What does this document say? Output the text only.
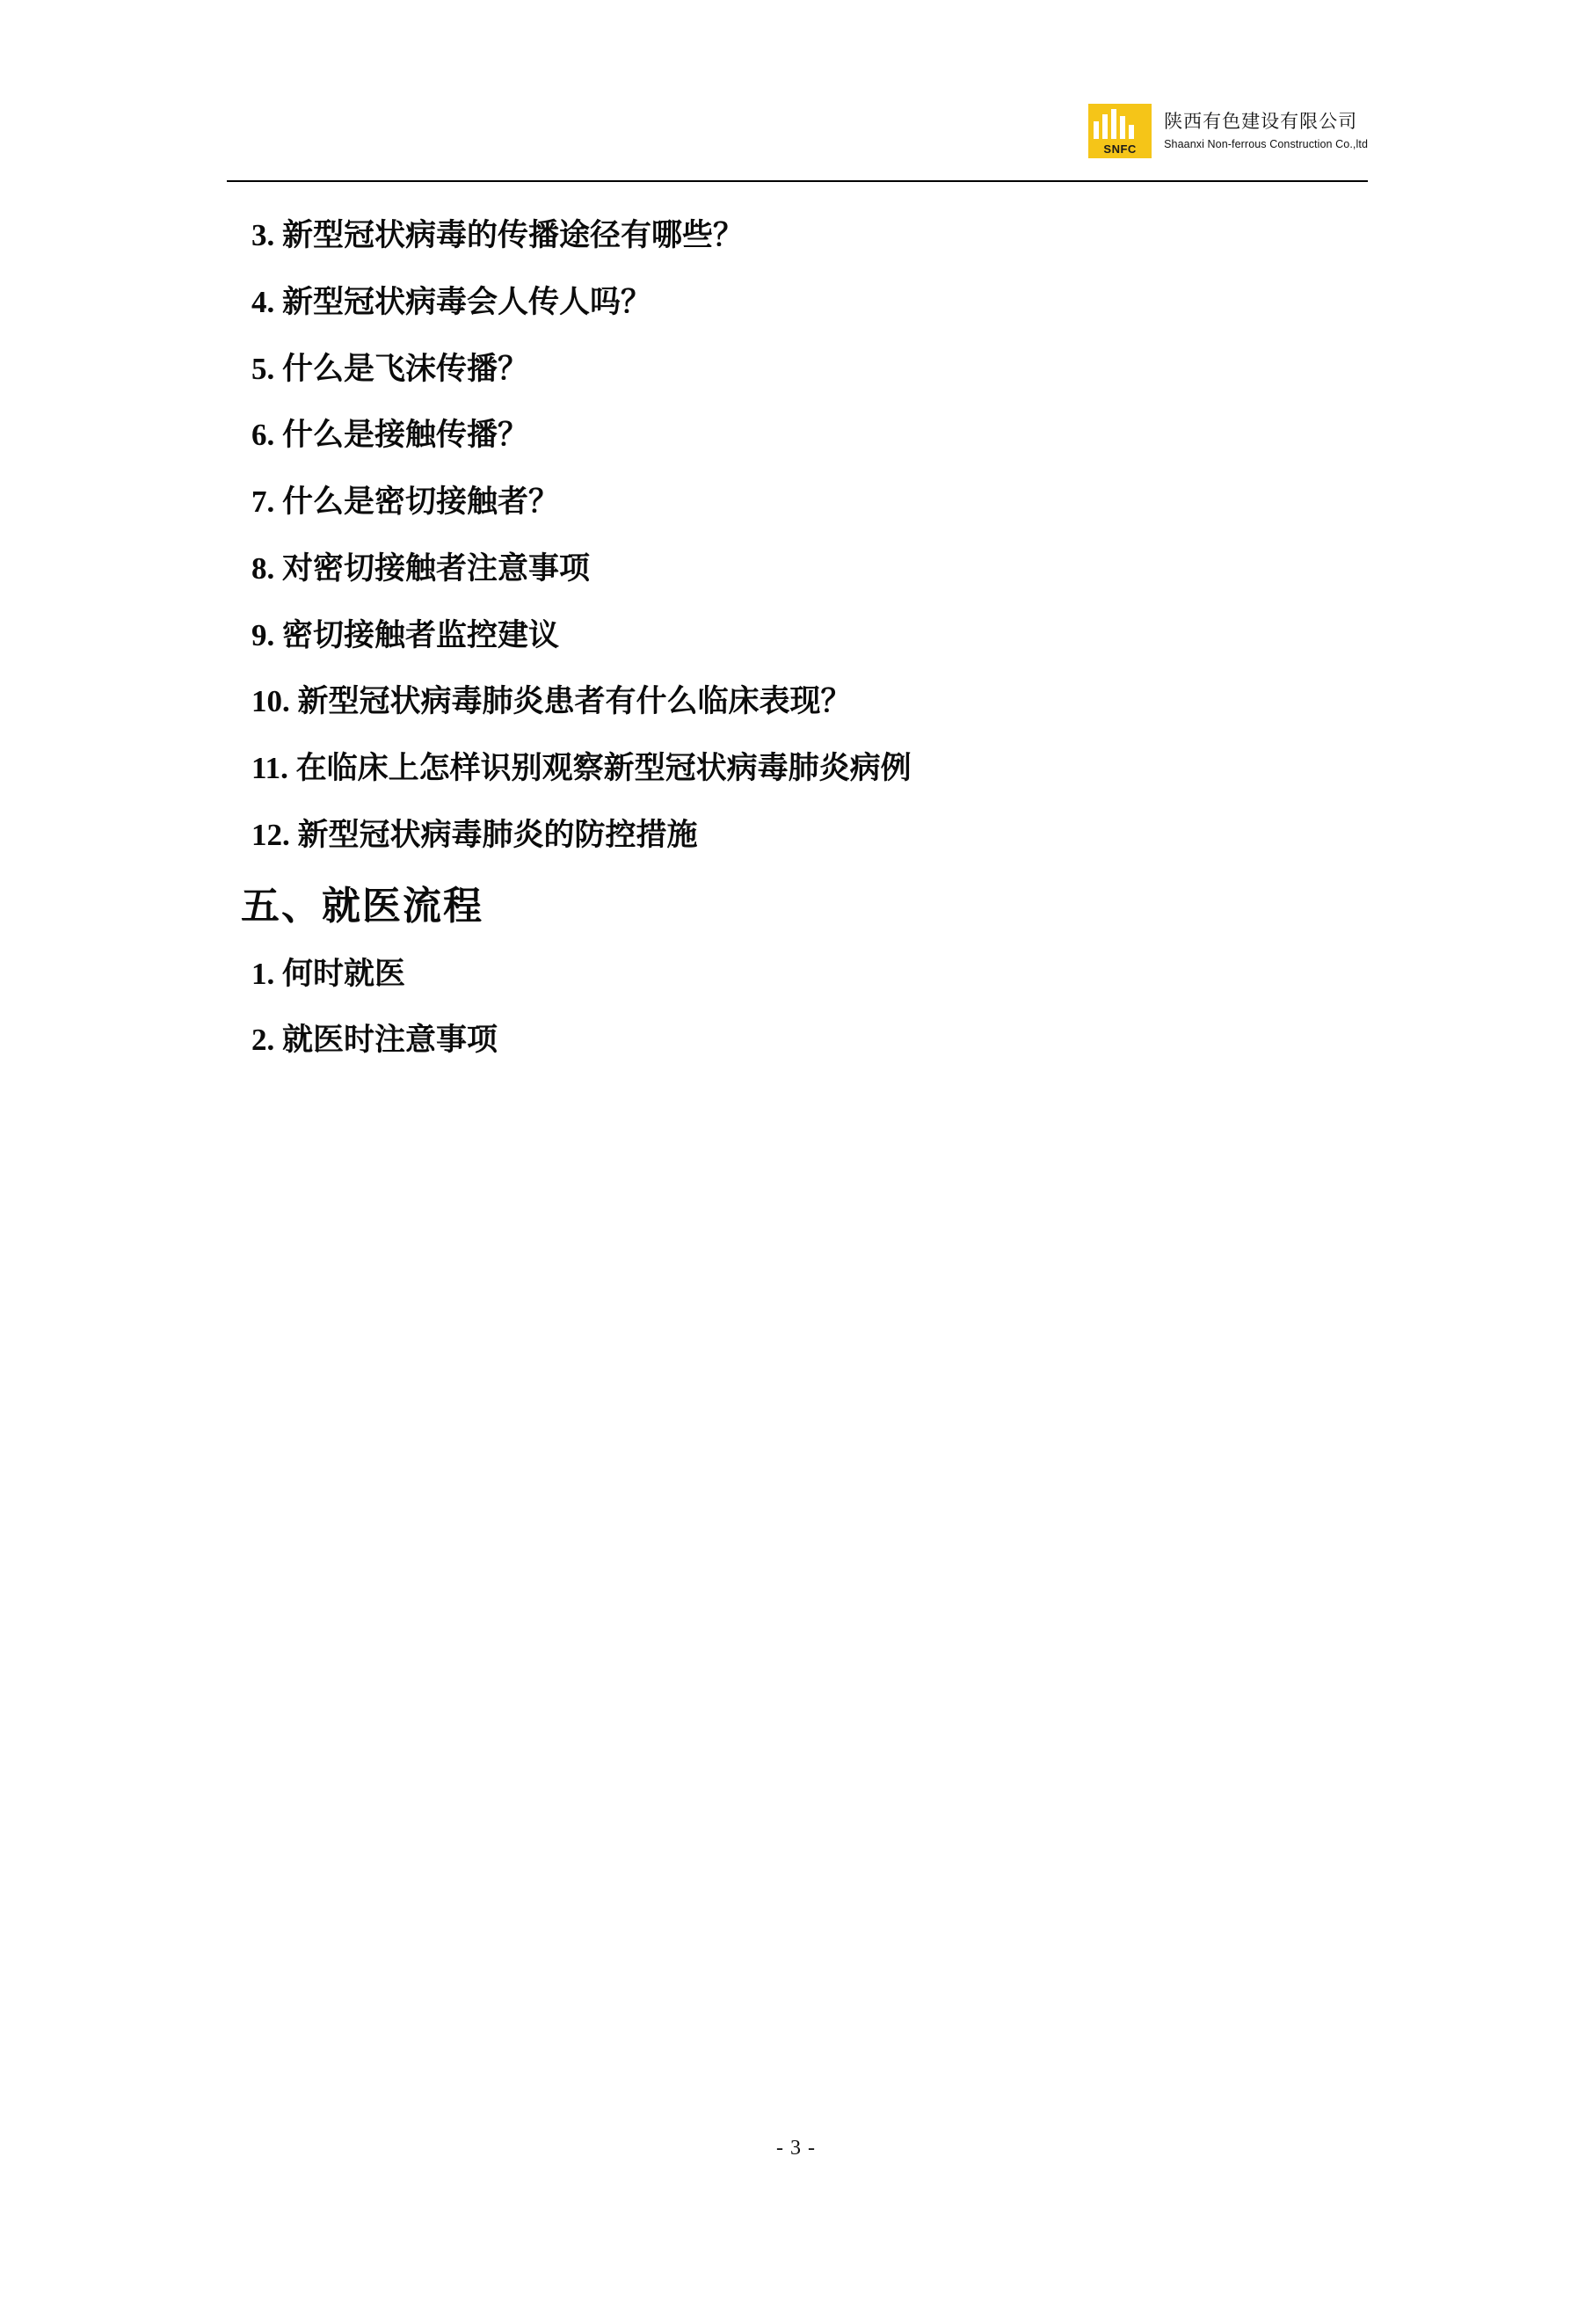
SNFC
陕西有色建设有限公司
Shaanxi Non-ferrous Construction Co.,ltd

3. 新型冠状病毒的传播途径有哪些？

4. 新型冠状病毒会人传人吗？

5. 什么是飞沫传播？

6. 什么是接触传播？

7. 什么是密切接触者？

8. 对密切接触者注意事项

9. 密切接触者监控建议

10. 新型冠状病毒肺炎患者有什么临床表现？

11. 在临床上怎样识别观察新型冠状病毒肺炎病例

12. 新型冠状病毒肺炎的防控措施

五、就医流程

1. 何时就医

2. 就医时注意事项

- 3 -
